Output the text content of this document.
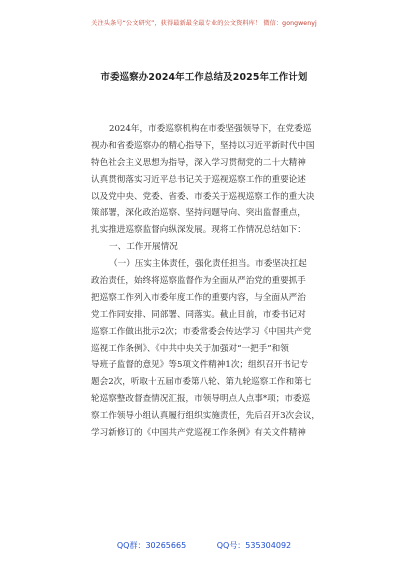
关注头条号“公文研究”，获得最新最全最专业的公文资料库！ 微信：gongwenyj
市委巡察办2024年工作总结及2025年工作计划
2024年，市委巡察机构在市委坚强领导下，在党委巡
视办和省委巡察办的精心指导下，坚持以习近平新时代中国
特色社会主义思想为指导，深入学习贯彻党的二十大精神
认真贯彻落实习近平总书记关于巡视巡察工作的重要论述
以及党中央、党委、省委、市委关于巡视巡察工作的重大决
策部署，深化政治巡察、坚持问题导向、突出监督重点，
扎实推进巡察监督向纵深发展。现将工作情况总结如下：
一、工作开展情况
（一）压实主体责任，强化责任担当。市委坚决扛起
政治责任，始终将巡察监督作为全面从严治党的重要抓手
把巡察工作列入市委年度工作的重要内容，与全面从严治
党工作同安排、同部署、同落实。截止目前，市委书记对
巡察工作做出批示2次；市委常委会传达学习《中国共产党
巡视工作条例》、《中共中央关于加强对“一把手”和领
导班子监督的意见》等5项文件精神1次；组织召开书记专
题会2次，听取十五届市委第八轮、第九轮巡察工作和第七
轮巡察整改督查情况汇报，市领导明点人点事*项；市委巡
察工作领导小组认真履行组织实施责任，先后召开3次会议，
学习新修订的《中国共产党巡视工作条例》有关文件精神
QQ群：30265665	QQ号：535304092
